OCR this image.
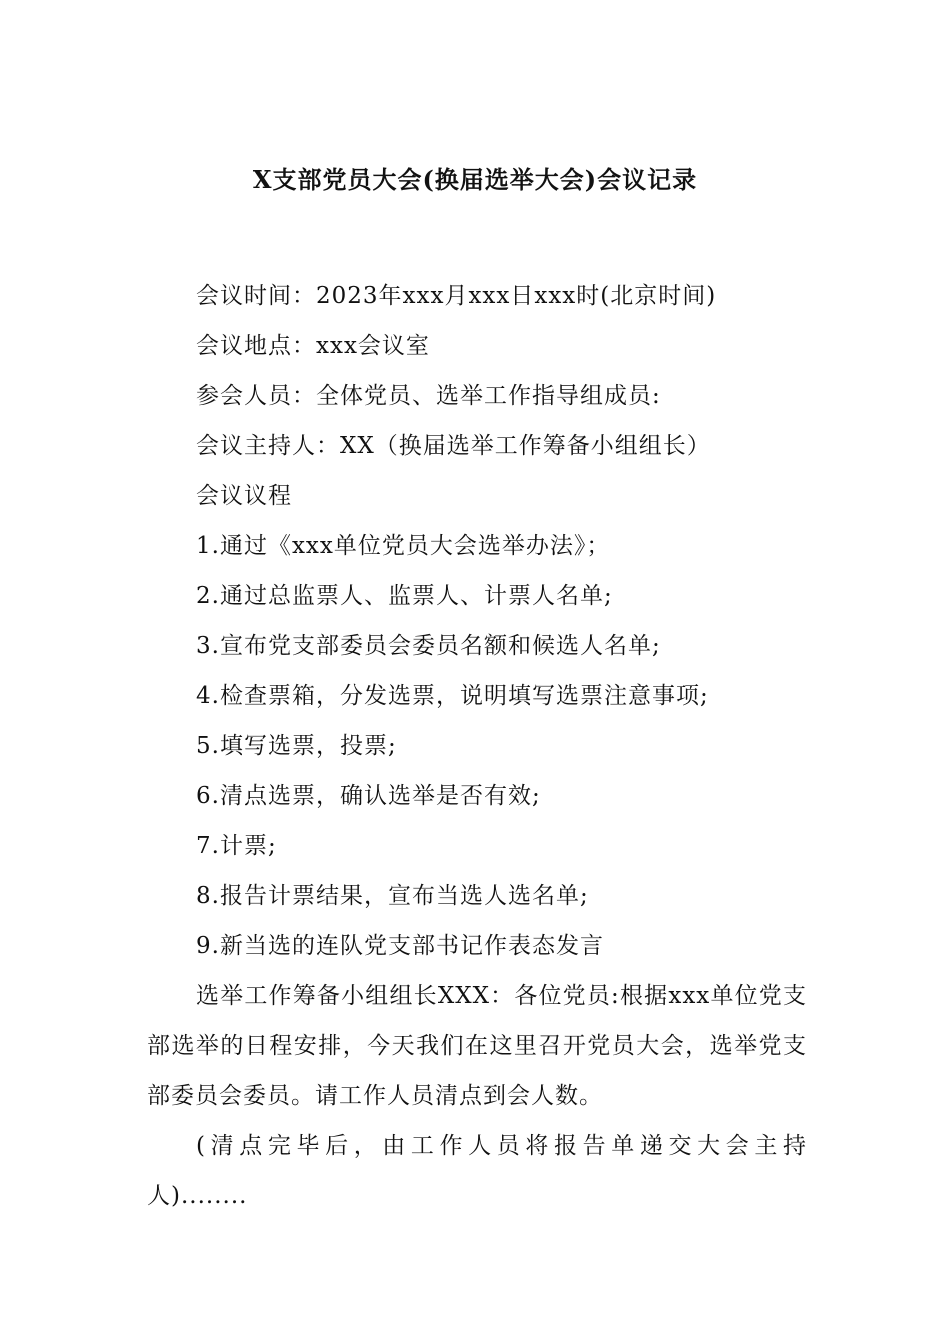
X支部党员大会(换届选举大会)会议记录
会议时间：2023年xxx月xxx日xxx时(北京时间)
会议地点：xxx会议室
参会人员：全体党员、选举工作指导组成员:
会议主持人：XX（换届选举工作筹备小组组长）
会议议程
1.通过《xxx单位党员大会选举办法》；
2.通过总监票人、监票人、计票人名单;
3.宣布党支部委员会委员名额和候选人名单;
4.检查票箱，分发选票，说明填写选票注意事项;
5.填写选票，投票;
6.清点选票，确认选举是否有效;
7.计票;
8.报告计票结果，宣布当选人选名单;
9.新当选的连队党支部书记作表态发言
选举工作筹备小组组长XXX：各位党员:根据xxx单位党支部选举的日程安排，今天我们在这里召开党员大会，选举党支部委员会委员。请工作人员清点到会人数。
(清点完毕后，由工作人员将报告单递交大会主持人)........
